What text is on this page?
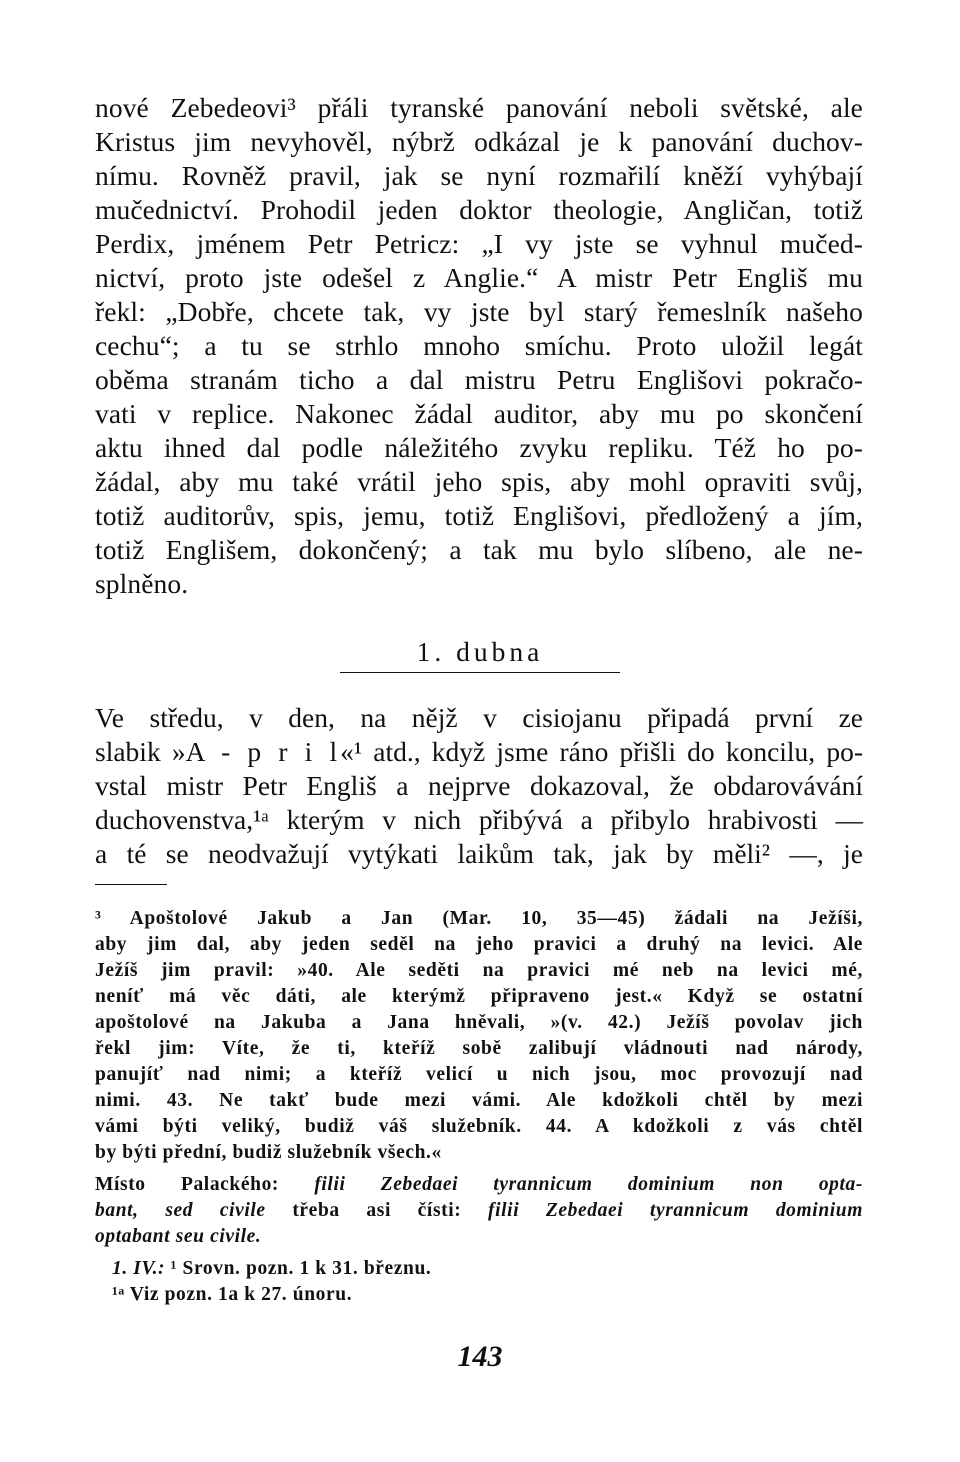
nové Zebedeovi³ přáli tyranské panování neboli světské, ale
Kristus jim nevyhověl, nýbrž odkázal je k panování duchov-
nímu. Rovněž pravil, jak se nyní rozmařilí kněží vyhýbají
mučednictví. Prohodil jeden doktor theologie, Angličan, totiž
Perdix, jménem Petr Petricz: „I vy jste se vyhnul mučed-
nictví, proto jste odešel z Anglie.“ A mistr Petr Engliš mu
řekl: „Dobře, chcete tak, vy jste byl starý řemeslník našeho
cechu“; a tu se strhlo mnoho smíchu. Proto uložil legát
oběma stranám ticho a dal mistru Petru Englišovi pokračo-
vati v replice. Nakonec žádal auditor, aby mu po skončení
aktu ihned dal podle náležitého zvyku repliku. Též ho po-
žádal, aby mu také vrátil jeho spis, aby mohl opraviti svůj,
totiž auditorův, spis, jemu, totiž Englišovi, předložený a jím,
totiž Englišem, dokončený; a tak mu bylo slíbeno, ale ne-
splněno.
1. dubna
Ve středu, v den, na nějž v cisiojanu připadá první ze
slabik »A - p r i l«¹ atd., když jsme ráno přišli do koncilu, po-
vstal mistr Petr Engliš a nejprve dokazoval, že obdarovávání
duchovenstva,¹ᵃ kterým v nich přibývá a přibylo hrabivosti —
a té se neodvažují vytýkati laikům tak, jak by měli² —, je
³ Apoštolové Jakub a Jan (Mar. 10, 35—45) žádali na Ježíši,
aby jim dal, aby jeden seděl na jeho pravici a druhý na levici. Ale
Ježíš jim pravil: »40. Ale seděti na pravici mé neb na levici mé,
neníť má věc dáti, ale kterýmž připraveno jest.« Když se ostatní
apoštolové na Jakuba a Jana hněvali, »(v. 42.) Ježíš povolav jich
řekl jim: Víte, že ti, kteříž sobě zalibují vládnouti nad národy,
panujíť nad nimi; a kteříž velicí u nich jsou, moc provozují nad
nimi. 43. Ne takť bude mezi vámi. Ale kdožkoli chtěl by mezi
vámi býti veliký, budiž váš služebník. 44. A kdožkoli z vás chtěl
by býti přední, budiž služebník všech.«
Místo Palackého: filii Zebedaei tyrannicum dominium non opta-
bant, sed civile třeba asi čísti: filii Zebedaei tyrannicum dominium
optabant seu civile.
1. IV.: ¹ Srovn. pozn. 1 k 31. březnu.
¹ᵃ Viz pozn. 1a k 27. únoru.
143
